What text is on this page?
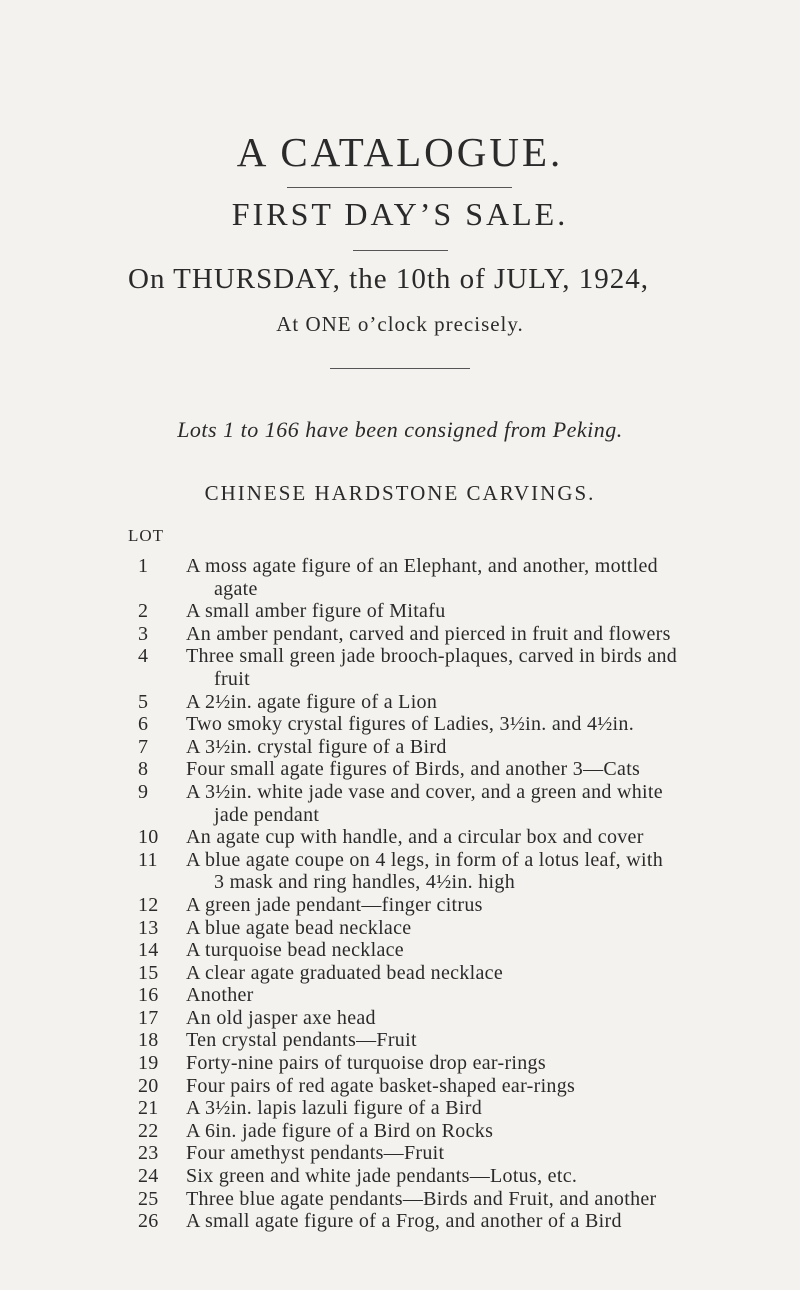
A CATALOGUE.
FIRST DAY’S SALE.
On THURSDAY, the 10th of JULY, 1924,
At ONE o’clock precisely.
Lots 1 to 166 have been consigned from Peking.
CHINESE HARDSTONE CARVINGS.
LOT
1	A moss agate figure of an Elephant, and another, mottled
agate
2	A small amber figure of Mitafu
3	An amber pendant, carved and pierced in fruit and flowers
4	Three small green jade brooch-plaques, carved in birds and
fruit
5	A 2½in. agate figure of a Lion
6	Two smoky crystal figures of Ladies, 3½in. and 4½in.
7	A 3½in. crystal figure of a Bird
8	Four small agate figures of Birds, and another 3—Cats
9	A 3½in. white jade vase and cover, and a green and white
jade pendant
10	An agate cup with handle, and a circular box and cover
11	A blue agate coupe on 4 legs, in form of a lotus leaf, with
3 mask and ring handles, 4½in. high
12	A green jade pendant—finger citrus
13	A blue agate bead necklace
14	A turquoise bead necklace
15	A clear agate graduated bead necklace
16	Another
17	An old jasper axe head
18	Ten crystal pendants—Fruit
19	Forty-nine pairs of turquoise drop ear-rings
20	Four pairs of red agate basket-shaped ear-rings
21	A 3½in. lapis lazuli figure of a Bird
22	A 6in. jade figure of a Bird on Rocks
23	Four amethyst pendants—Fruit
24	Six green and white jade pendants—Lotus, etc.
25	Three blue agate pendants—Birds and Fruit, and another
26	A small agate figure of a Frog, and another of a Bird
